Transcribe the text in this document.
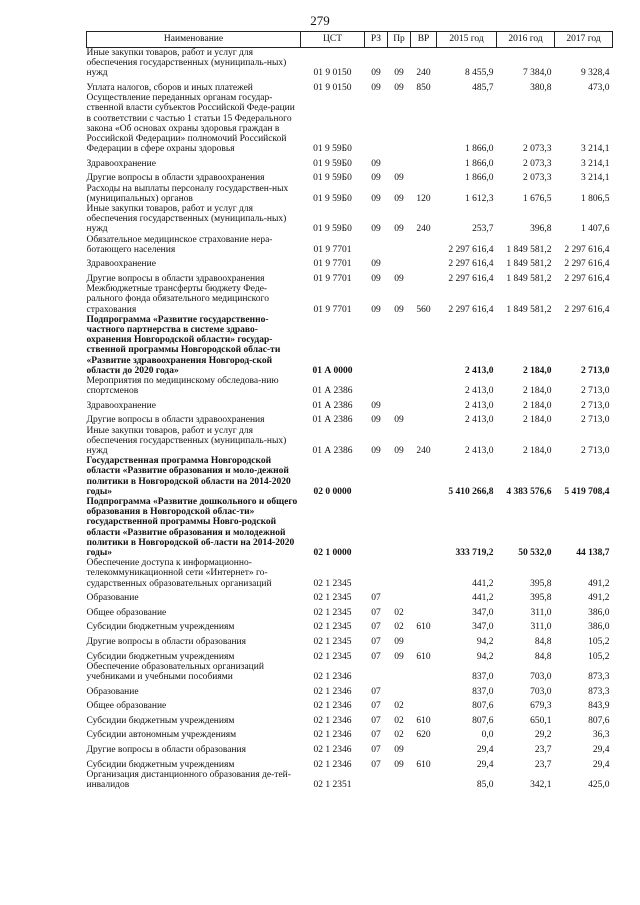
279
Наименование	ЦСТ	РЗ	Пр	ВР	2015 год	2016 год	2017 год
Иные закупки товаров, работ и услуг для обеспечения государственных (муниципаль-ных) нужд	01 9 0150	09	09	240	8 455,9	7 384,0	9 328,4
Уплата налогов, сборов и иных платежей	01 9 0150	09	09	850	485,7	380,8	473,0
Осуществление переданных органам государ-ственной власти субъектов Российской Феде-рации в соответствии с частью 1 статьи 15 Федерального закона «Об основах охраны здоровья граждан в Российской Федерации» полномочий Российской Федерации в сфере охраны здоровья	01 9 59Б0				1 866,0	2 073,3	3 214,1
Здравоохранение	01 9 59Б0	09			1 866,0	2 073,3	3 214,1
Другие вопросы в области здравоохранения	01 9 59Б0	09	09		1 866,0	2 073,3	3 214,1
Расходы на выплаты персоналу государствен-ных (муниципальных) органов	01 9 59Б0	09	09	120	1 612,3	1 676,5	1 806,5
Иные закупки товаров, работ и услуг для обеспечения государственных (муниципаль-ных) нужд	01 9 59Б0	09	09	240	253,7	396,8	1 407,6
Обязательное медицинское страхование нера-ботающего населения	01 9 7701				2 297 616,4	1 849 581,2	2 297 616,4
Здравоохранение	01 9 7701	09			2 297 616,4	1 849 581,2	2 297 616,4
Другие вопросы в области здравоохранения	01 9 7701	09	09		2 297 616,4	1 849 581,2	2 297 616,4
Межбюджетные трансферты бюджету Феде-рального фонда обязательного медицинского страхования	01 9 7701	09	09	560	2 297 616,4	1 849 581,2	2 297 616,4
Подпрограмма «Развитие государственно-частного партнерства в системе здраво-охранения Новгородской области» государ-ственной программы Новгородской облас-ти «Развитие здравоохранения Новгород-ской области до 2020 года»	01 А 0000				2 413,0	2 184,0	2 713,0
Мероприятия по медицинскому обследова-нию спортсменов	01 А 2386				2 413,0	2 184,0	2 713,0
Здравоохранение	01 А 2386	09			2 413,0	2 184,0	2 713,0
Другие вопросы в области здравоохранения	01 А 2386	09	09		2 413,0	2 184,0	2 713,0
Иные закупки товаров, работ и услуг для обеспечения государственных (муниципаль-ных) нужд	01 А 2386	09	09	240	2 413,0	2 184,0	2 713,0
Государственная программа Новгородской области «Развитие образования и моло-дежной политики в Новгородской области на 2014-2020 годы»	02 0 0000				5 410 266,8	4 383 576,6	5 419 708,4
Подпрограмма «Развитие дошкольного и общего образования в Новгородской облас-ти» государственной программы Новго-родской области «Развитие образования и молодежной политики в Новгородской об-ласти на 2014-2020 годы»	02 1 0000				333 719,2	50 532,0	44 138,7
Обеспечение доступа к информационно-телекоммуникационной сети «Интернет» го-сударственных образовательных организаций	02 1 2345				441,2	395,8	491,2
Образование	02 1 2345	07			441,2	395,8	491,2
Общее образование	02 1 2345	07	02		347,0	311,0	386,0
Субсидии бюджетным учреждениям	02 1 2345	07	02	610	347,0	311,0	386,0
Другие вопросы в области образования	02 1 2345	07	09		94,2	84,8	105,2
Субсидии бюджетным учреждениям	02 1 2345	07	09	610	94,2	84,8	105,2
Обеспечение образовательных организаций учебниками и учебными пособиями	02 1 2346				837,0	703,0	873,3
Образование	02 1 2346	07			837,0	703,0	873,3
Общее образование	02 1 2346	07	02		807,6	679,3	843,9
Субсидии бюджетным учреждениям	02 1 2346	07	02	610	807,6	650,1	807,6
Субсидии автономным учреждениям	02 1 2346	07	02	620	0,0	29,2	36,3
Другие вопросы в области образования	02 1 2346	07	09		29,4	23,7	29,4
Субсидии бюджетным учреждениям	02 1 2346	07	09	610	29,4	23,7	29,4
Организация дистанционного образования де-тей-инвалидов	02 1 2351				85,0	342,1	425,0
